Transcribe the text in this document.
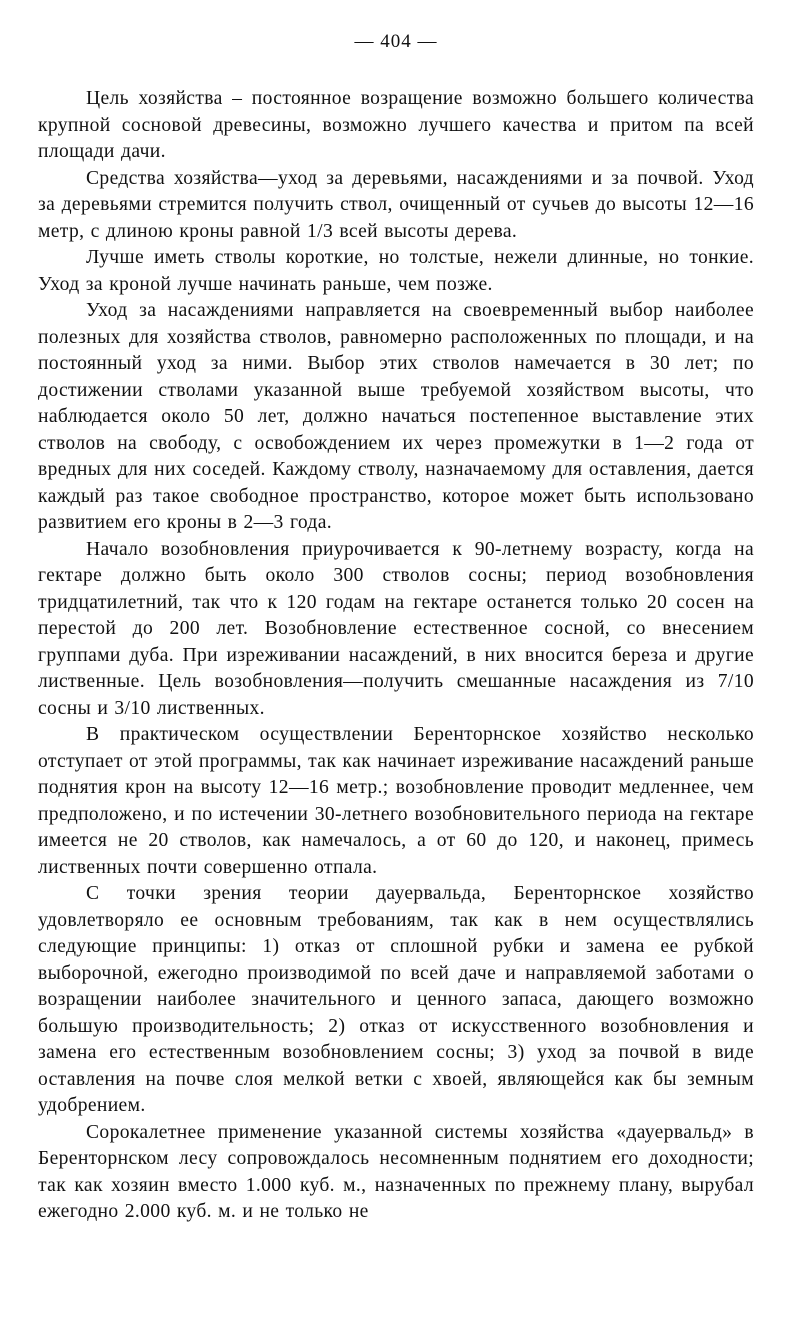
— 404 —

Цель хозяйства – постоянное возращение возможно большего количества крупной сосновой древесины, возможно лучшего качества и притом па всей площади дачи.

Средства хозяйства—уход за деревьями, насаждениями и за почвой. Уход за деревьями стремится получить ствол, очищенный от сучьев до высоты 12—16 метр, с длиною кроны равной 1/3 всей высоты дерева.

Лучше иметь стволы короткие, но толстые, нежели длинные, но тонкие. Уход за кроной лучше начинать раньше, чем позже.

Уход за насаждениями направляется на своевременный выбор наиболее полезных для хозяйства стволов, равномерно расположенных по площади, и на постоянный уход за ними. Выбор этих стволов намечается в 30 лет; по достижении стволами указанной выше требуемой хозяйством высоты, что наблюдается около 50 лет, должно начаться постепенное выставление этих стволов на свободу, с освобождением их через промежутки в 1—2 года от вредных для них соседей. Каждому стволу, назначаемому для оставления, дается каждый раз такое свободное пространство, которое может быть использовано развитием его кроны в 2—3 года.

Начало возобновления приурочивается к 90-летнему возрасту, когда на гектаре должно быть около 300 стволов сосны; период возобновления тридцатилетний, так что к 120 годам на гектаре останется только 20 сосен на перестой до 200 лет. Возобновление естественное сосной, со внесением группами дуба. При изреживании насаждений, в них вносится береза и другие лиственные. Цель возобновления—получить смешанные насаждения из 7/10 сосны и 3/10 лиственных.

В практическом осуществлении Беренторнское хозяйство несколько отступает от этой программы, так как начинает изреживание насаждений раньше поднятия крон на высоту 12—16 метр.; возобновление проводит медленнее, чем предположено, и по истечении 30-летнего возобновительного периода на гектаре имеется не 20 стволов, как намечалось, а от 60 до 120, и наконец, примесь лиственных почти совершенно отпала.

С точки зрения теории дауервальда, Беренторнское хозяйство удовлетворяло ее основным требованиям, так как в нем осуществлялись следующие принципы: 1) отказ от сплошной рубки и замена ее рубкой выборочной, ежегодно производимой по всей даче и направляемой заботами о возращении наиболее значительного и ценного запаса, дающего возможно большую производительность; 2) отказ от искусственного возобновления и замена его естественным возобновлением сосны; 3) уход за почвой в виде оставления на почве слоя мелкой ветки с хвоей, являющейся как бы земным удобрением.

Сорокалетнее применение указанной системы хозяйства «дауервальд» в Беренторнском лесу сопровождалось несомненным поднятием его доходности; так как хозяин вместо 1.000 куб. м., назначенных по прежнему плану, вырубал ежегодно 2.000 куб. м. и не только не
